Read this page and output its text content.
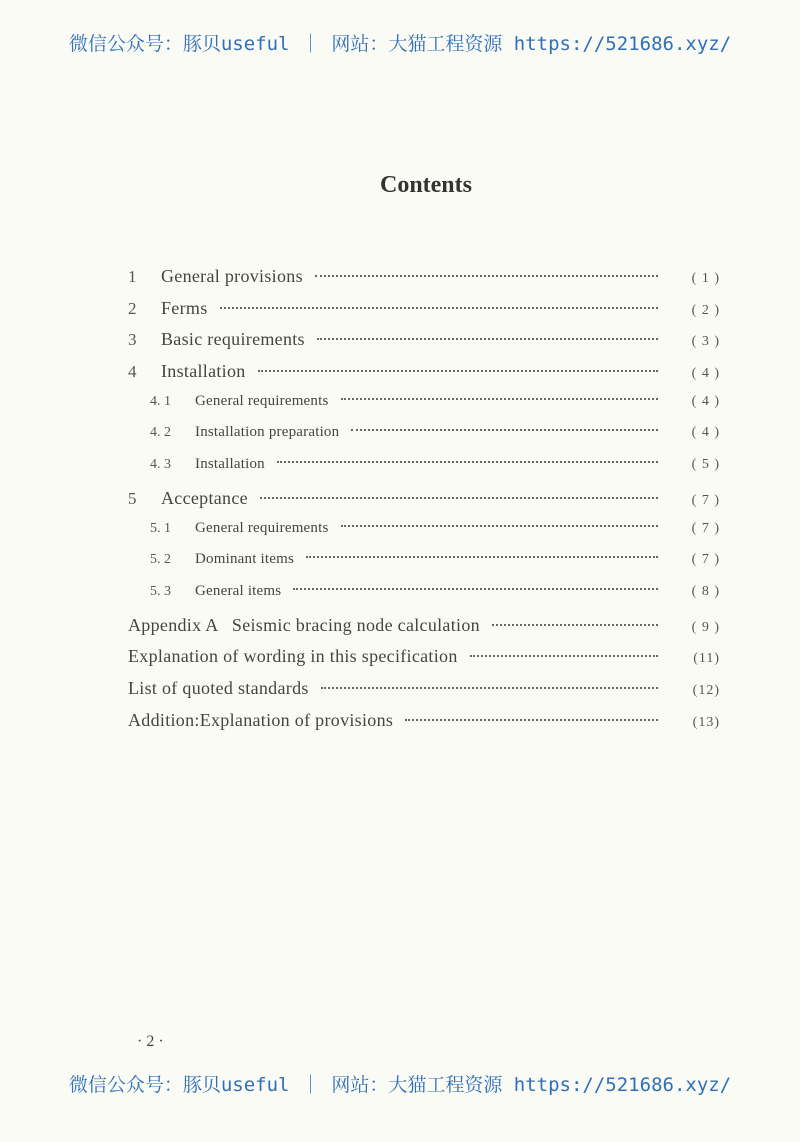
微信公众号：豚贝useful ｜ 网站：大猫工程资源 https://521686.xyz/
Contents
1	General provisions	( 1 )
2	Ferms	( 2 )
3	Basic requirements	( 3 )
4	Installation	( 4 )
4. 1	General requirements	( 4 )
4. 2	Installation preparation	( 4 )
4. 3	Installation	( 5 )
5	Acceptance	( 7 )
5. 1	General requirements	( 7 )
5. 2	Dominant items	( 7 )
5. 3	General items	( 8 )
Appendix A   Seismic bracing node calculation	( 9 )
Explanation of wording in this specification	(11)
List of quoted standards	(12)
Addition:Explanation of provisions	(13)
· 2 ·
微信公众号：豚贝useful ｜ 网站：大猫工程资源 https://521686.xyz/
